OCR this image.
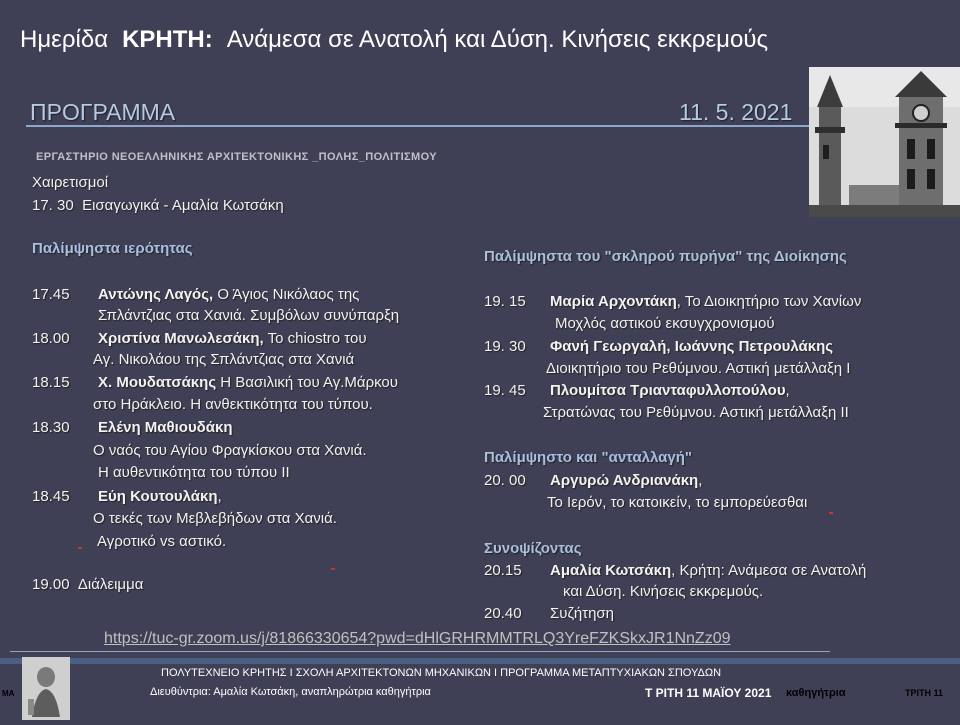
Ημερίδα ΚΡΗΤΗ: Ανάμεσα σε Ανατολή και Δύση. Κινήσεις εκκρεμούς
ΠΡΟΓΡΑΜΜΑ	11. 5. 2021
ΕΡΓΑΣΤΗΡΙΟ ΝΕΟΕΛΛΗΝΙΚΗΣ ΑΡΧΙΤΕΚΤΟΝΙΚΗΣ _ΠΟΛΗΣ_ΠΟΛΙΤΙΣΜΟΥ
Χαιρετισμοί
17. 30 Εισαγωγικά - Αμαλία Κωτσάκη
Παλίμψηστα ιερότητας
17.45 Αντώνης Λαγός, Ο Άγιος Νικόλαος της
Σπλάντζιας στα Χανιά. Συμβόλων συνύπαρξη
18.00 Χριστίνα Μανωλεσάκη, Το chiostro του
Αγ. Νικολάου της Σπλάντζιας στα Χανιά
18.15 Χ. Μουδατσάκης Η Βασιλική του Αγ.Μάρκου
στο Ηράκλειο. Η ανθεκτικότητα του τύπου.
18.30 Ελένη Μαθιουδάκη
Ο ναός του Αγίου Φραγκίσκου στα Χανιά.
Η αυθεντικότητα του τύπου ΙΙ
18.45 Εύη Κουτουλάκη,
Ο τεκές των Μεβλεβήδων στα Χανιά.
Αγροτικό vs αστικό.
19.00 Διάλειμμα
Παλίμψηστα του "σκληρού πυρήνα" της Διοίκησης
19. 15 Μαρία Αρχοντάκη, Το Διοικητήριο των Χανίων
Μοχλός αστικού εκσυγχρονισμού
19. 30 Φανή Γεωργαλή, Ιωάννης Πετρουλάκης
Διοικητήριο του Ρεθύμνου. Αστική μετάλλαξη Ι
19. 45 Πλουμίτσα Τριανταφυλλοπούλου,
Στρατώνας του Ρεθύμνου. Αστική μετάλλαξη ΙΙ
Παλίμψηστο και "ανταλλαγή"
20. 00 Αργυρώ Ανδριανάκη,
Το Ιερόν, το κατοικείν, το εμπορεύεσθαι
Συνοψίζοντας
20.15 Αμαλία Κωτσάκη, Κρήτη: Ανάμεσα σε Ανατολή
και Δύση. Κινήσεις εκκρεμούς.
20.40 Συζήτηση
https://tuc-gr.zoom.us/j/81866330654?pwd=dHlGRHRMMTRLQ3YreFZKSkxJR1NnZz09
ΜΑ
ΠΟΛΥΤΕΧΝΕΙΟ ΚΡΗΤΗΣ Ι ΣΧΟΛΗ ΑΡΧΙΤΕΚΤΟΝΩΝ ΜΗΧΑΝΙΚΩΝ Ι ΠΡΟΓΡΑΜΜΑ ΜΕΤΑΠΤΥΧΙΑΚΩΝ ΣΠΟΥΔΩΝ
Διευθύντρια: Αμαλία Κωτσάκη, αναπληρώτρια καθηγήτρια	Τ ΡΙΤΗ 11 ΜΑΪΟΥ 2021 καθηγήτρια	ΤΡΙΤΗ 11
